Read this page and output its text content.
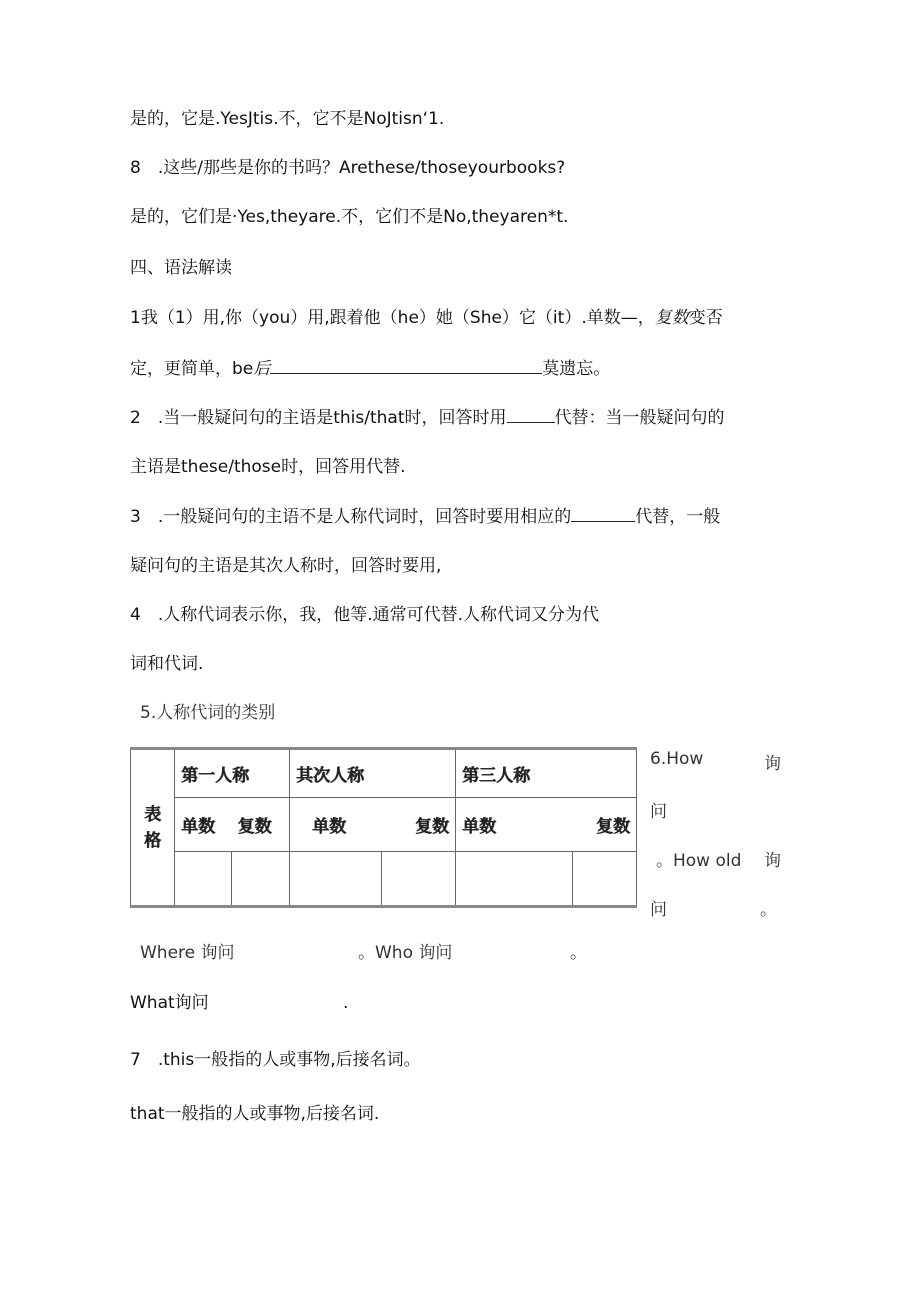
是的，它是.YesJtis.不，它不是NoJtisn‘1.
8　.这些/那些是你的书吗？Arethese/thoseyourbooks?
是的，它们是·Yes,theyare.不，它们不是No,theyaren*t.
四、语法解读
1我（1）用,你（you）用,跟着他（he）她（She）它（it）.单数—，复数变否
定，更简单，be后	莫遗忘。
2　.当一般疑问句的主语是this/that时，回答时用	代替：当一般疑问句的
主语是these/those时，回答用代替.
3　.一般疑问句的主语不是人称代词时，回答时要用相应的	代替，一般
疑问句的主语是其次人称时，回答时要用,
4　.人称代词表示你，我，他等.通常可代替.人称代词又分为代
词和代词.
5.人称代词的类别
表格	第一人称		其次人称		第三人称	
	单数	复数	单数	复数	单数	复数

6.How	询
问
。How old 询
问	。
Where 询问	。Who 询问	。
What询问	.
7　.this一般指的人或事物,后接名词。
that一般指的人或事物,后接名词.
